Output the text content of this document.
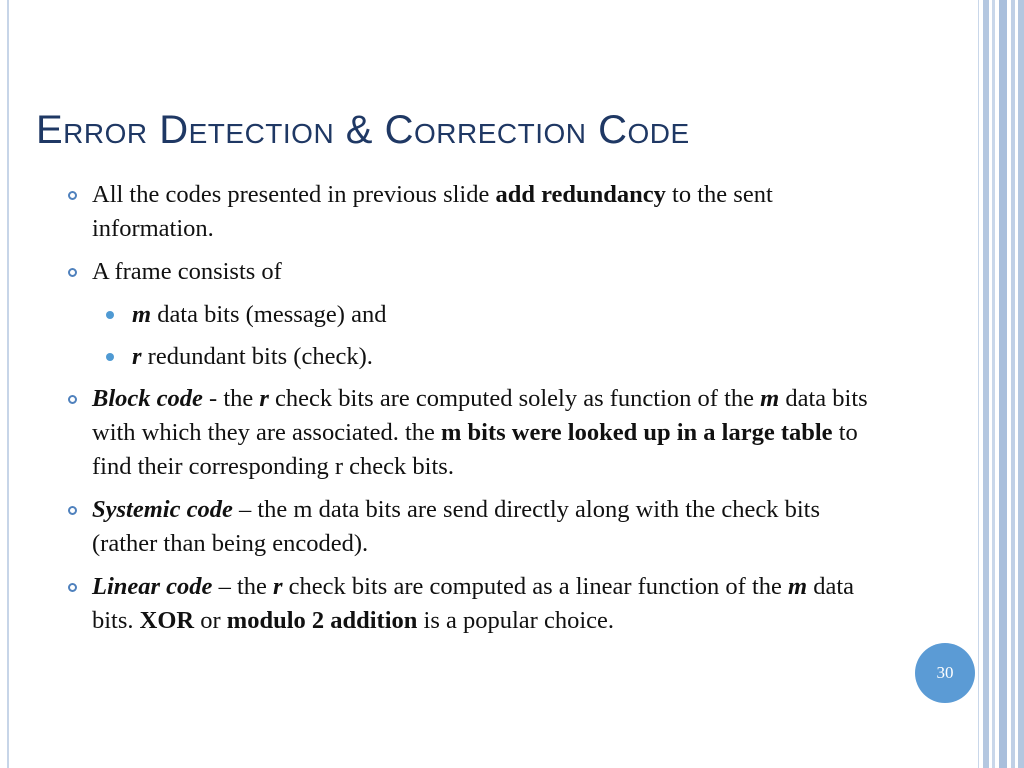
Error Detection & Correction Code
All the codes presented in previous slide add redundancy to the sent information.
A frame consists of
m data bits (message) and
r redundant bits (check).
Block code - the r check bits are computed solely as function of the m data bits with which they are associated. the m bits were looked up in a large table to find their corresponding r check bits.
Systemic code – the m data bits are send directly along with the check bits (rather than being encoded).
Linear code – the r check bits are computed as a linear function of the m data bits. XOR or modulo 2 addition is a popular choice.
30
